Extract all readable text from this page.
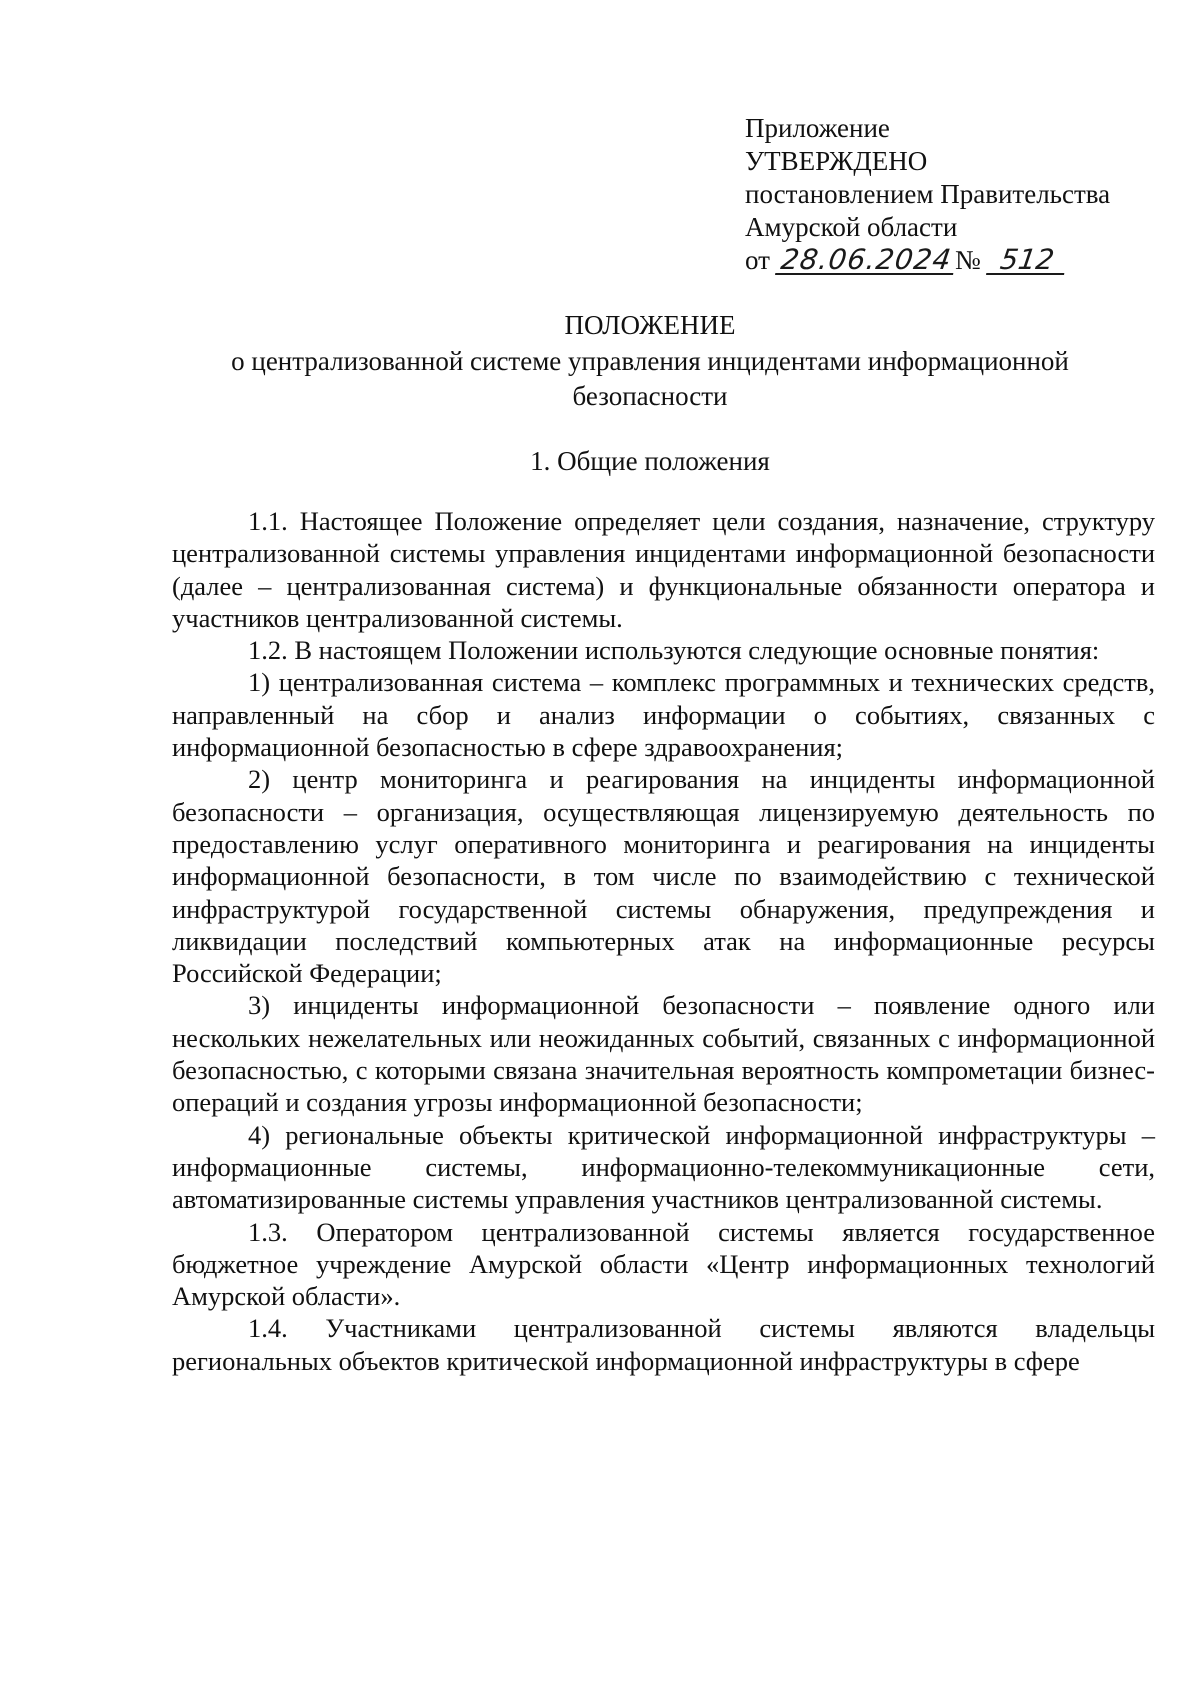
Приложение
УТВЕРЖДЕНО
постановлением Правительства
Амурской области
от 28.06.2024№ 512
ПОЛОЖЕНИЕ
о централизованной системе управления инцидентами информационной
безопасности
1. Общие положения

1.1. Настоящее Положение определяет цели создания, назначение, структуру централизованной системы управления инцидентами информационной безопасности (далее – централизованная система) и функциональные обязанности оператора и участников централизованной системы.

1.2. В настоящем Положении используются следующие основные понятия:

1) централизованная система – комплекс программных и технических средств, направленный на сбор и анализ информации о событиях, связанных с информационной безопасностью в сфере здравоохранения;

2) центр мониторинга и реагирования на инциденты информационной безопасности – организация, осуществляющая лицензируемую деятельность по предоставлению услуг оперативного мониторинга и реагирования на инциденты информационной безопасности, в том числе по взаимодействию с технической инфраструктурой государственной системы обнаружения, предупреждения и ликвидации последствий компьютерных атак на информационные ресурсы Российской Федерации;

3) инциденты информационной безопасности – появление одного или нескольких нежелательных или неожиданных событий, связанных с информационной безопасностью, с которыми связана значительная вероятность компрометации бизнес-операций и создания угрозы информационной безопасности;

4) региональные объекты критической информационной инфраструктуры – информационные системы, информационно-телекоммуникационные сети, автоматизированные системы управления участников централизованной системы.

1.3. Оператором централизованной системы является государственное бюджетное учреждение Амурской области «Центр информационных технологий Амурской области».

1.4. Участниками централизованной системы являются владельцы региональных объектов критической информационной инфраструктуры в сфере
